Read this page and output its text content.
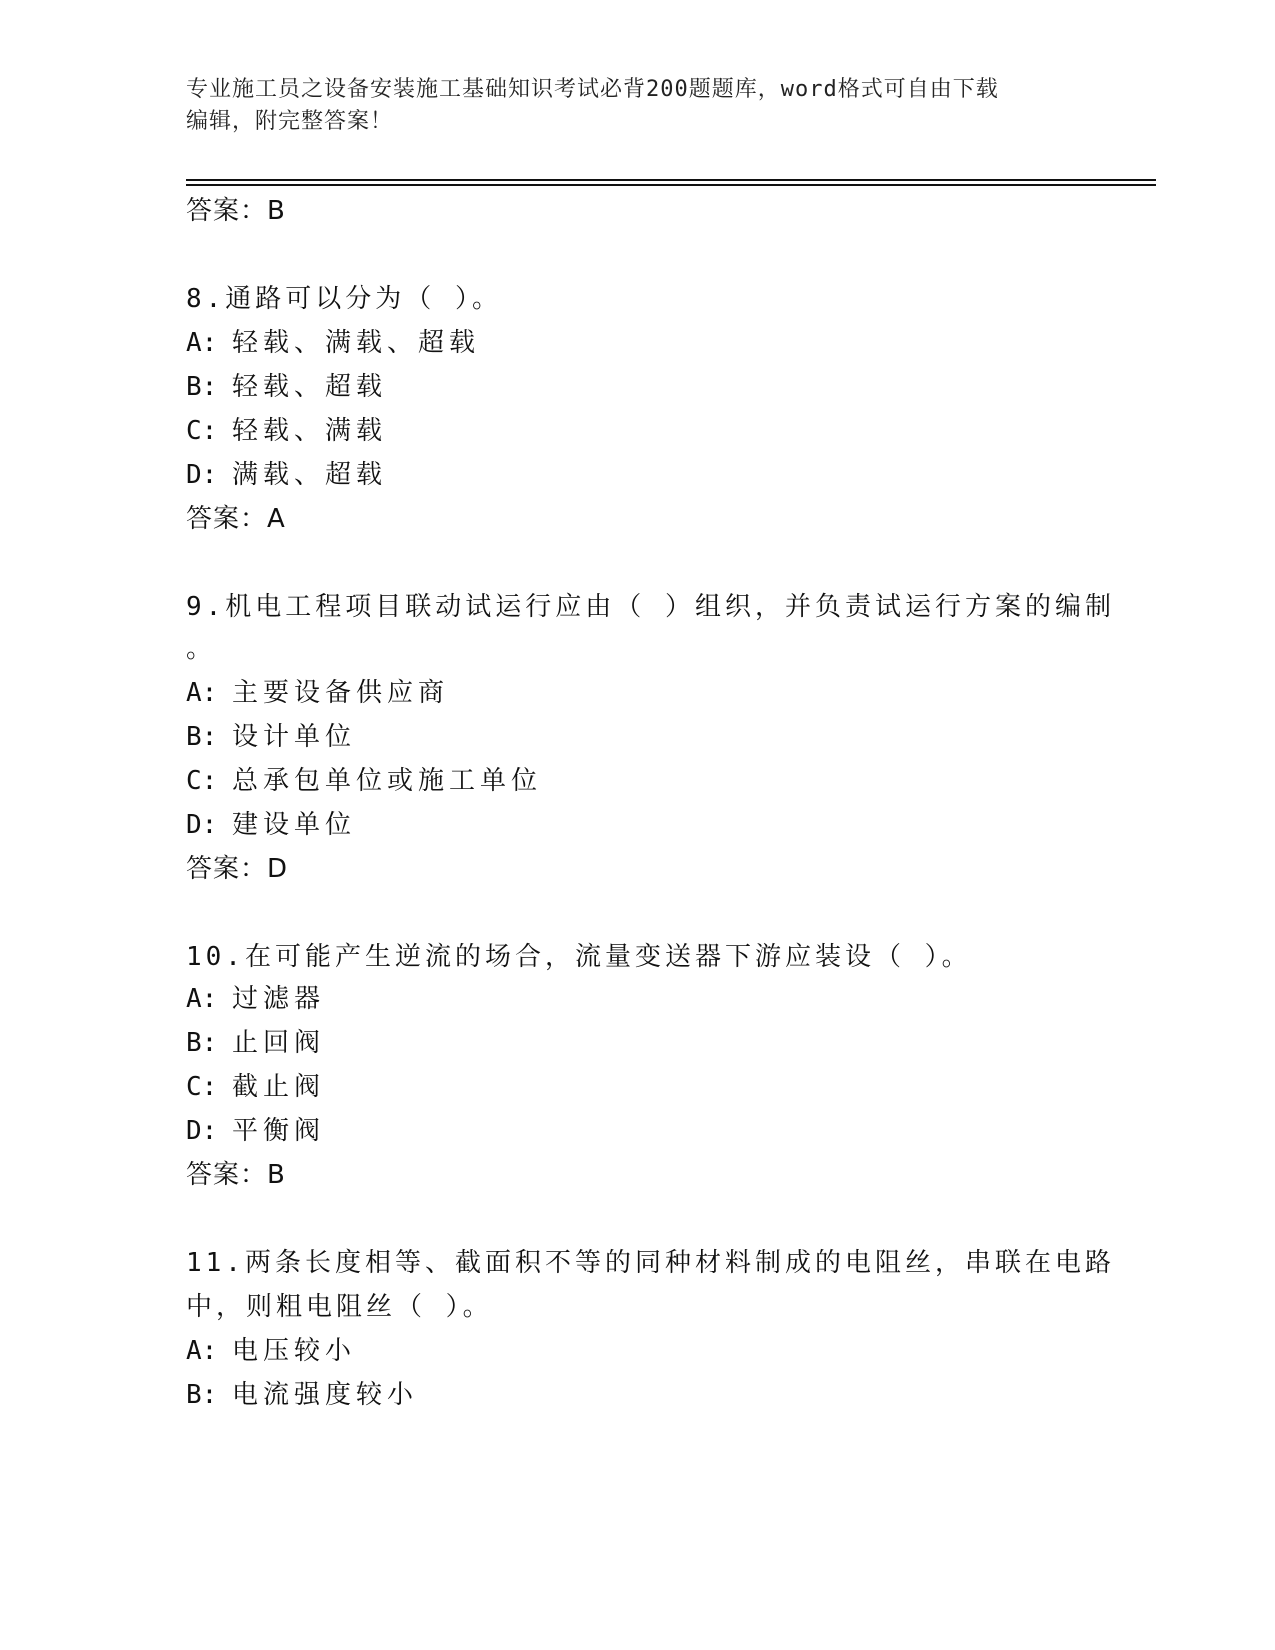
专业施工员之设备安装施工基础知识考试必背200题题库，word格式可自由下载
编辑，附完整答案！
答案：B
8.通路可以分为（ ）。
A: 轻载、满载、超载
B: 轻载、超载
C: 轻载、满载
D: 满载、超载
答案：A
9.机电工程项目联动试运行应由（ ）组织，并负责试运行方案的编制
。
A: 主要设备供应商
B: 设计单位
C: 总承包单位或施工单位
D: 建设单位
答案：D
10.在可能产生逆流的场合，流量变送器下游应装设（ ）。
A: 过滤器
B: 止回阀
C: 截止阀
D: 平衡阀
答案：B
11.两条长度相等、截面积不等的同种材料制成的电阻丝，串联在电路
中，则粗电阻丝（ ）。
A: 电压较小
B: 电流强度较小
